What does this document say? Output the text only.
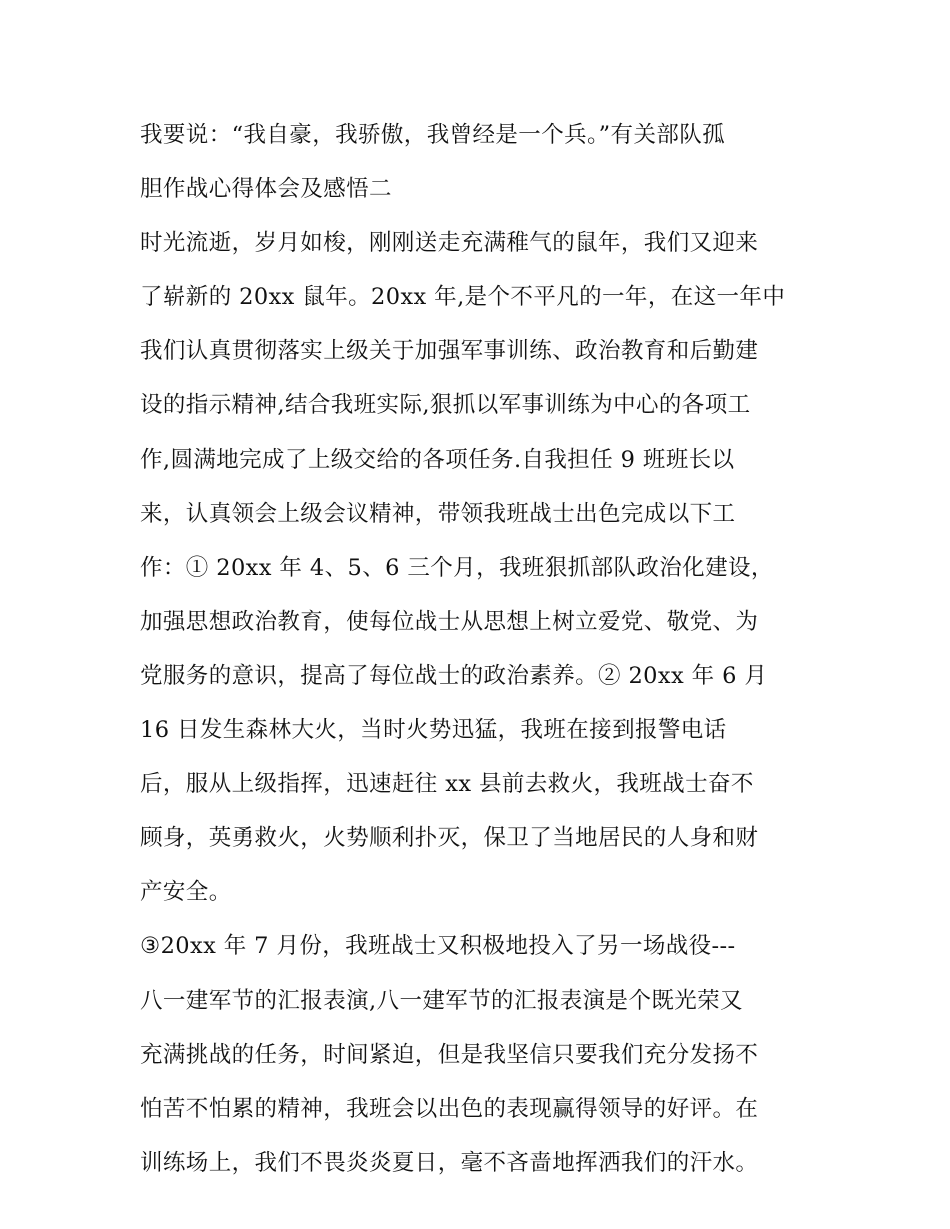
我要说：“我自豪，我骄傲，我曾经是一个兵。”有关部队孤
胆作战心得体会及感悟二
时光流逝，岁月如梭，刚刚送走充满稚气的鼠年，我们又迎来
了崭新的 20xx 鼠年。20xx 年,是个不平凡的一年，在这一年中
我们认真贯彻落实上级关于加强军事训练、政治教育和后勤建
设的指示精神,结合我班实际,狠抓以军事训练为中心的各项工
作,圆满地完成了上级交给的各项任务.自我担任 9 班班长以
来，认真领会上级会议精神，带领我班战士出色完成以下工
作：① 20xx 年 4、5、6 三个月，我班狠抓部队政治化建设，
加强思想政治教育，使每位战士从思想上树立爱党、敬党、为
党服务的意识，提高了每位战士的政治素养。② 20xx 年 6 月
16 日发生森林大火，当时火势迅猛，我班在接到报警电话
后，服从上级指挥，迅速赶往 xx 县前去救火，我班战士奋不
顾身，英勇救火，火势顺利扑灭，保卫了当地居民的人身和财
产安全。
③20xx 年 7 月份，我班战士又积极地投入了另一场战役---
八一建军节的汇报表演,八一建军节的汇报表演是个既光荣又
充满挑战的任务，时间紧迫，但是我坚信只要我们充分发扬不
怕苦不怕累的精神，我班会以出色的表现赢得领导的好评。在
训练场上，我们不畏炎炎夏日，毫不吝啬地挥洒我们的汗水。
